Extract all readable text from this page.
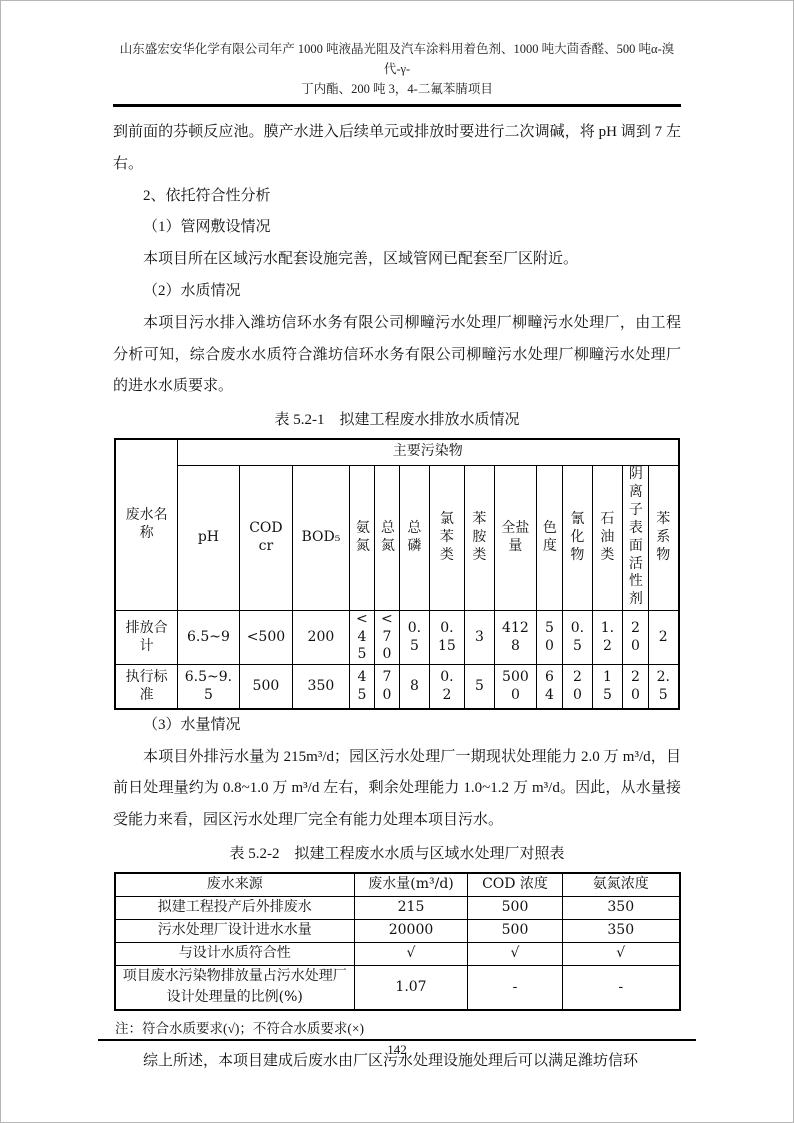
山东盛宏安华化学有限公司年产 1000 吨液晶光阻及汽车涂料用着色剂、1000 吨大茴香醛、500 吨α-溴代-γ-
丁内酯、200 吨 3，4-二氟苯腈项目

到前面的芬顿反应池。膜产水进入后续单元或排放时要进行二次调碱，将 pH 调到 7 左右。

2、依托符合性分析

（1）管网敷设情况

本项目所在区域污水配套设施完善，区域管网已配套至厂区附近。

（2）水质情况

本项目污水排入潍坊信环水务有限公司柳疃污水处理厂柳疃污水处理厂，由工程分析可知，综合废水水质符合潍坊信环水务有限公司柳疃污水处理厂柳疃污水处理厂的进水水质要求。

表 5.2-1　拟建工程废水排放水质情况
废水名称	主要污染物													
	pH	CODcr	BOD₅	氨氮	总氮	总磷	氯苯类	苯胺类	全盐量	色度	氰化物	石油类	阴离子表面活性剂	苯系物
排放合计	6.5~9	<500	200	<45	<70	0.5	0.15	3	4128	50	0.5	1.2	20	2
执行标准	6.5~9.5	500	350	45	70	8	0.2	5	5000	64	20	15	20	2.5

（3）水量情况

本项目外排污水量为 215m³/d；园区污水处理厂一期现状处理能力 2.0 万 m³/d，目前日处理量约为 0.8~1.0 万 m³/d 左右，剩余处理能力 1.0~1.2 万 m³/d。因此，从水量接受能力来看，园区污水处理厂完全有能力处理本项目污水。

表 5.2-2　拟建工程废水水质与区域水处理厂对照表
废水来源	废水量(m³/d)	COD 浓度	氨氮浓度
拟建工程投产后外排废水	215	500	350
污水处理厂设计进水水量	20000	500	350
与设计水质符合性	√	√	√
项目废水污染物排放量占污水处理厂设计处理量的比例(%)	1.07	-	-
注：符合水质要求(√)；不符合水质要求(×)

综上所述，本项目建成后废水由厂区污水处理设施处理后可以满足潍坊信环

142
